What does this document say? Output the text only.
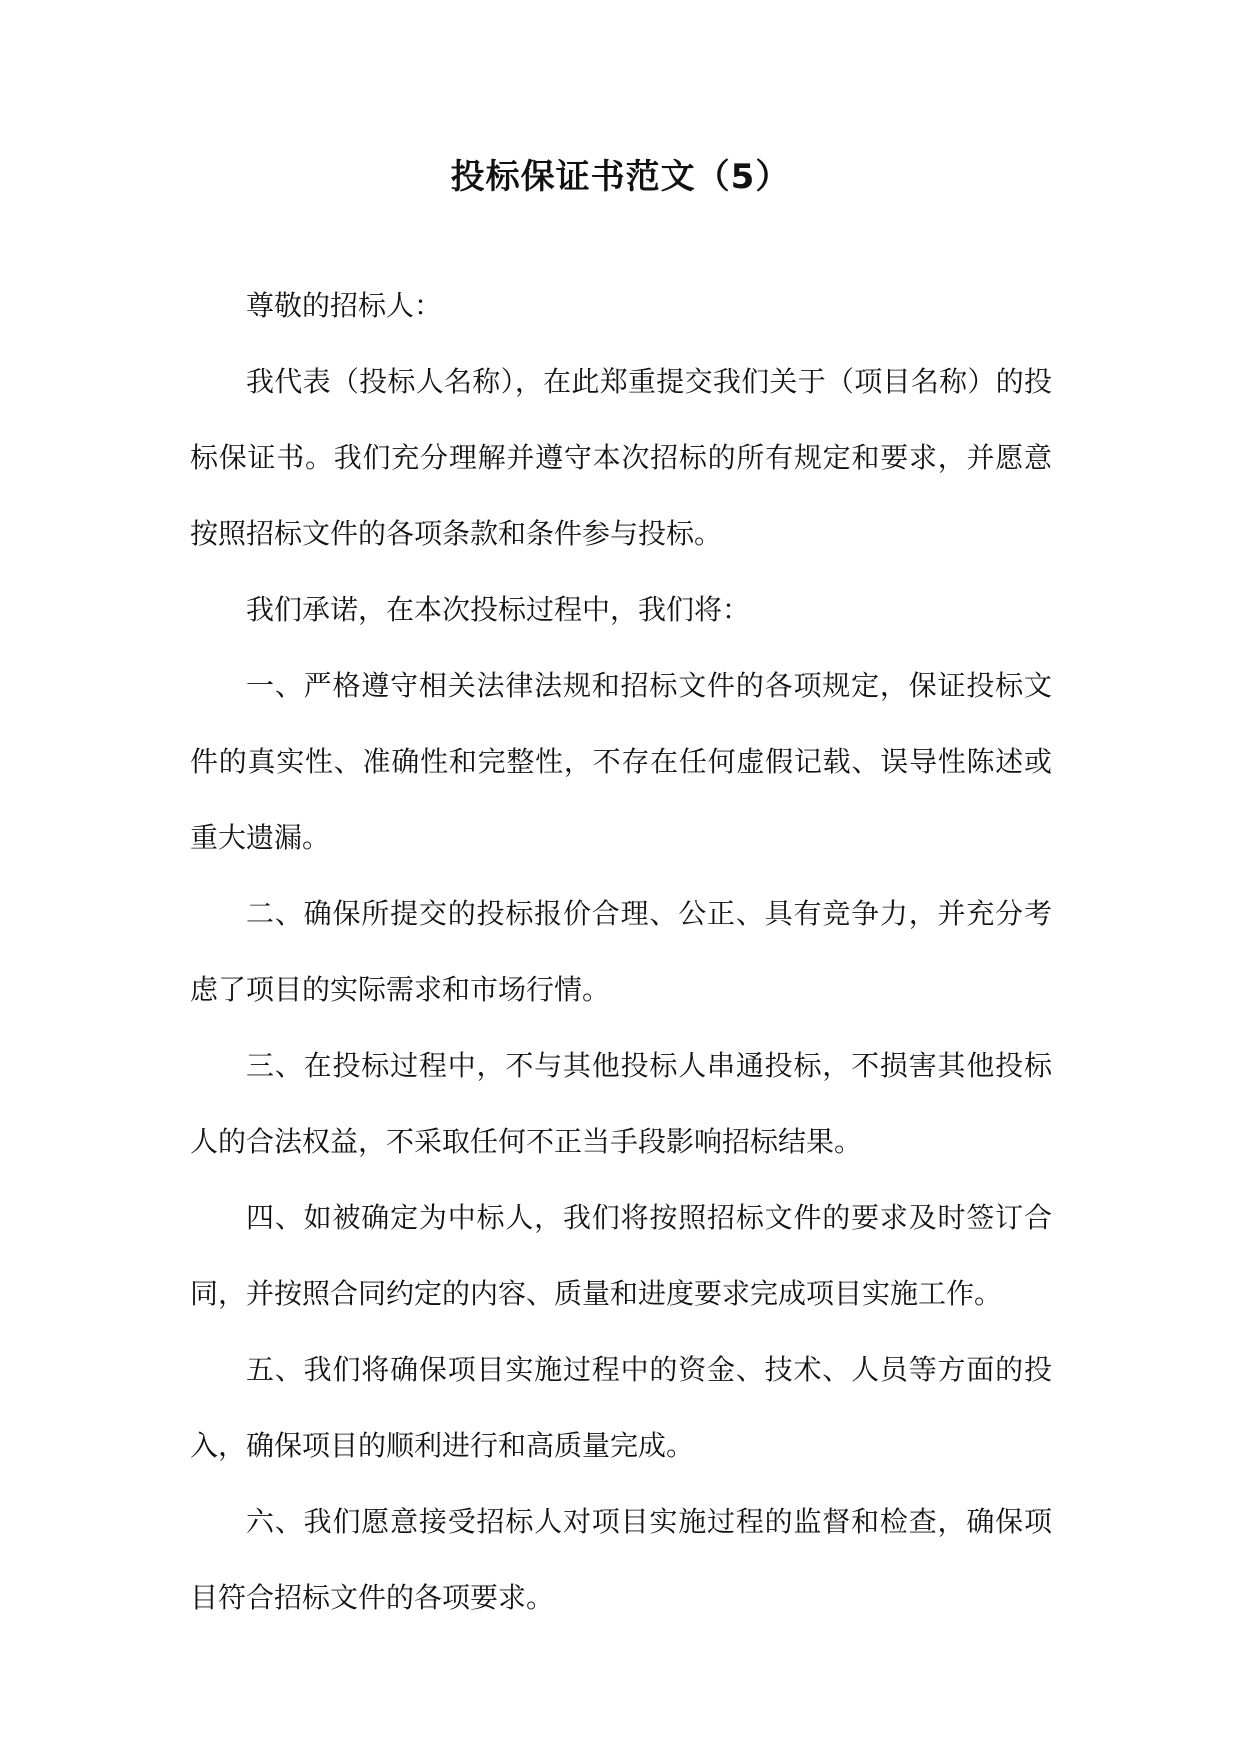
投标保证书范文（5）

尊敬的招标人：

我代表（投标人名称），在此郑重提交我们关于（项目名称）的投标保证书。我们充分理解并遵守本次招标的所有规定和要求，并愿意按照招标文件的各项条款和条件参与投标。

我们承诺，在本次投标过程中，我们将：

一、严格遵守相关法律法规和招标文件的各项规定，保证投标文件的真实性、准确性和完整性，不存在任何虚假记载、误导性陈述或重大遗漏。

二、确保所提交的投标报价合理、公正、具有竞争力，并充分考虑了项目的实际需求和市场行情。

三、在投标过程中，不与其他投标人串通投标，不损害其他投标人的合法权益，不采取任何不正当手段影响招标结果。

四、如被确定为中标人，我们将按照招标文件的要求及时签订合同，并按照合同约定的内容、质量和进度要求完成项目实施工作。

五、我们将确保项目实施过程中的资金、技术、人员等方面的投入，确保项目的顺利进行和高质量完成。

六、我们愿意接受招标人对项目实施过程的监督和检查，确保项目符合招标文件的各项要求。
